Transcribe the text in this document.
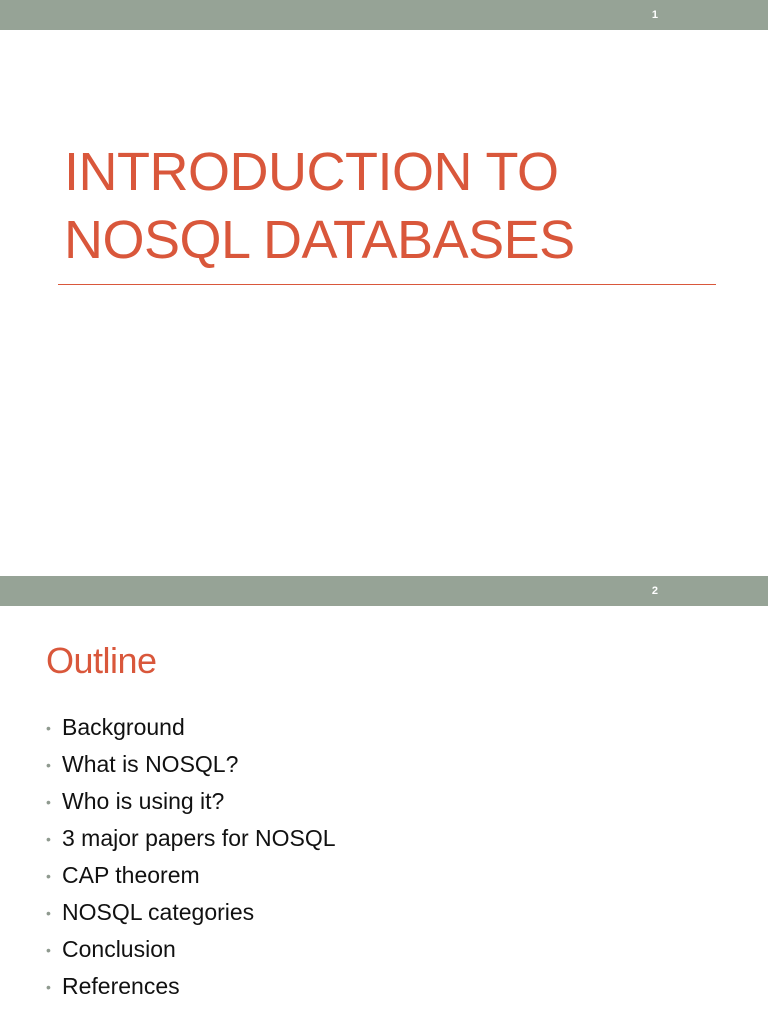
1
INTRODUCTION TO
NOSQL DATABASES
2
Outline
• Background
• What is NOSQL?
• Who is using it?
• 3 major papers for NOSQL
• CAP theorem
• NOSQL categories
• Conclusion
• References
